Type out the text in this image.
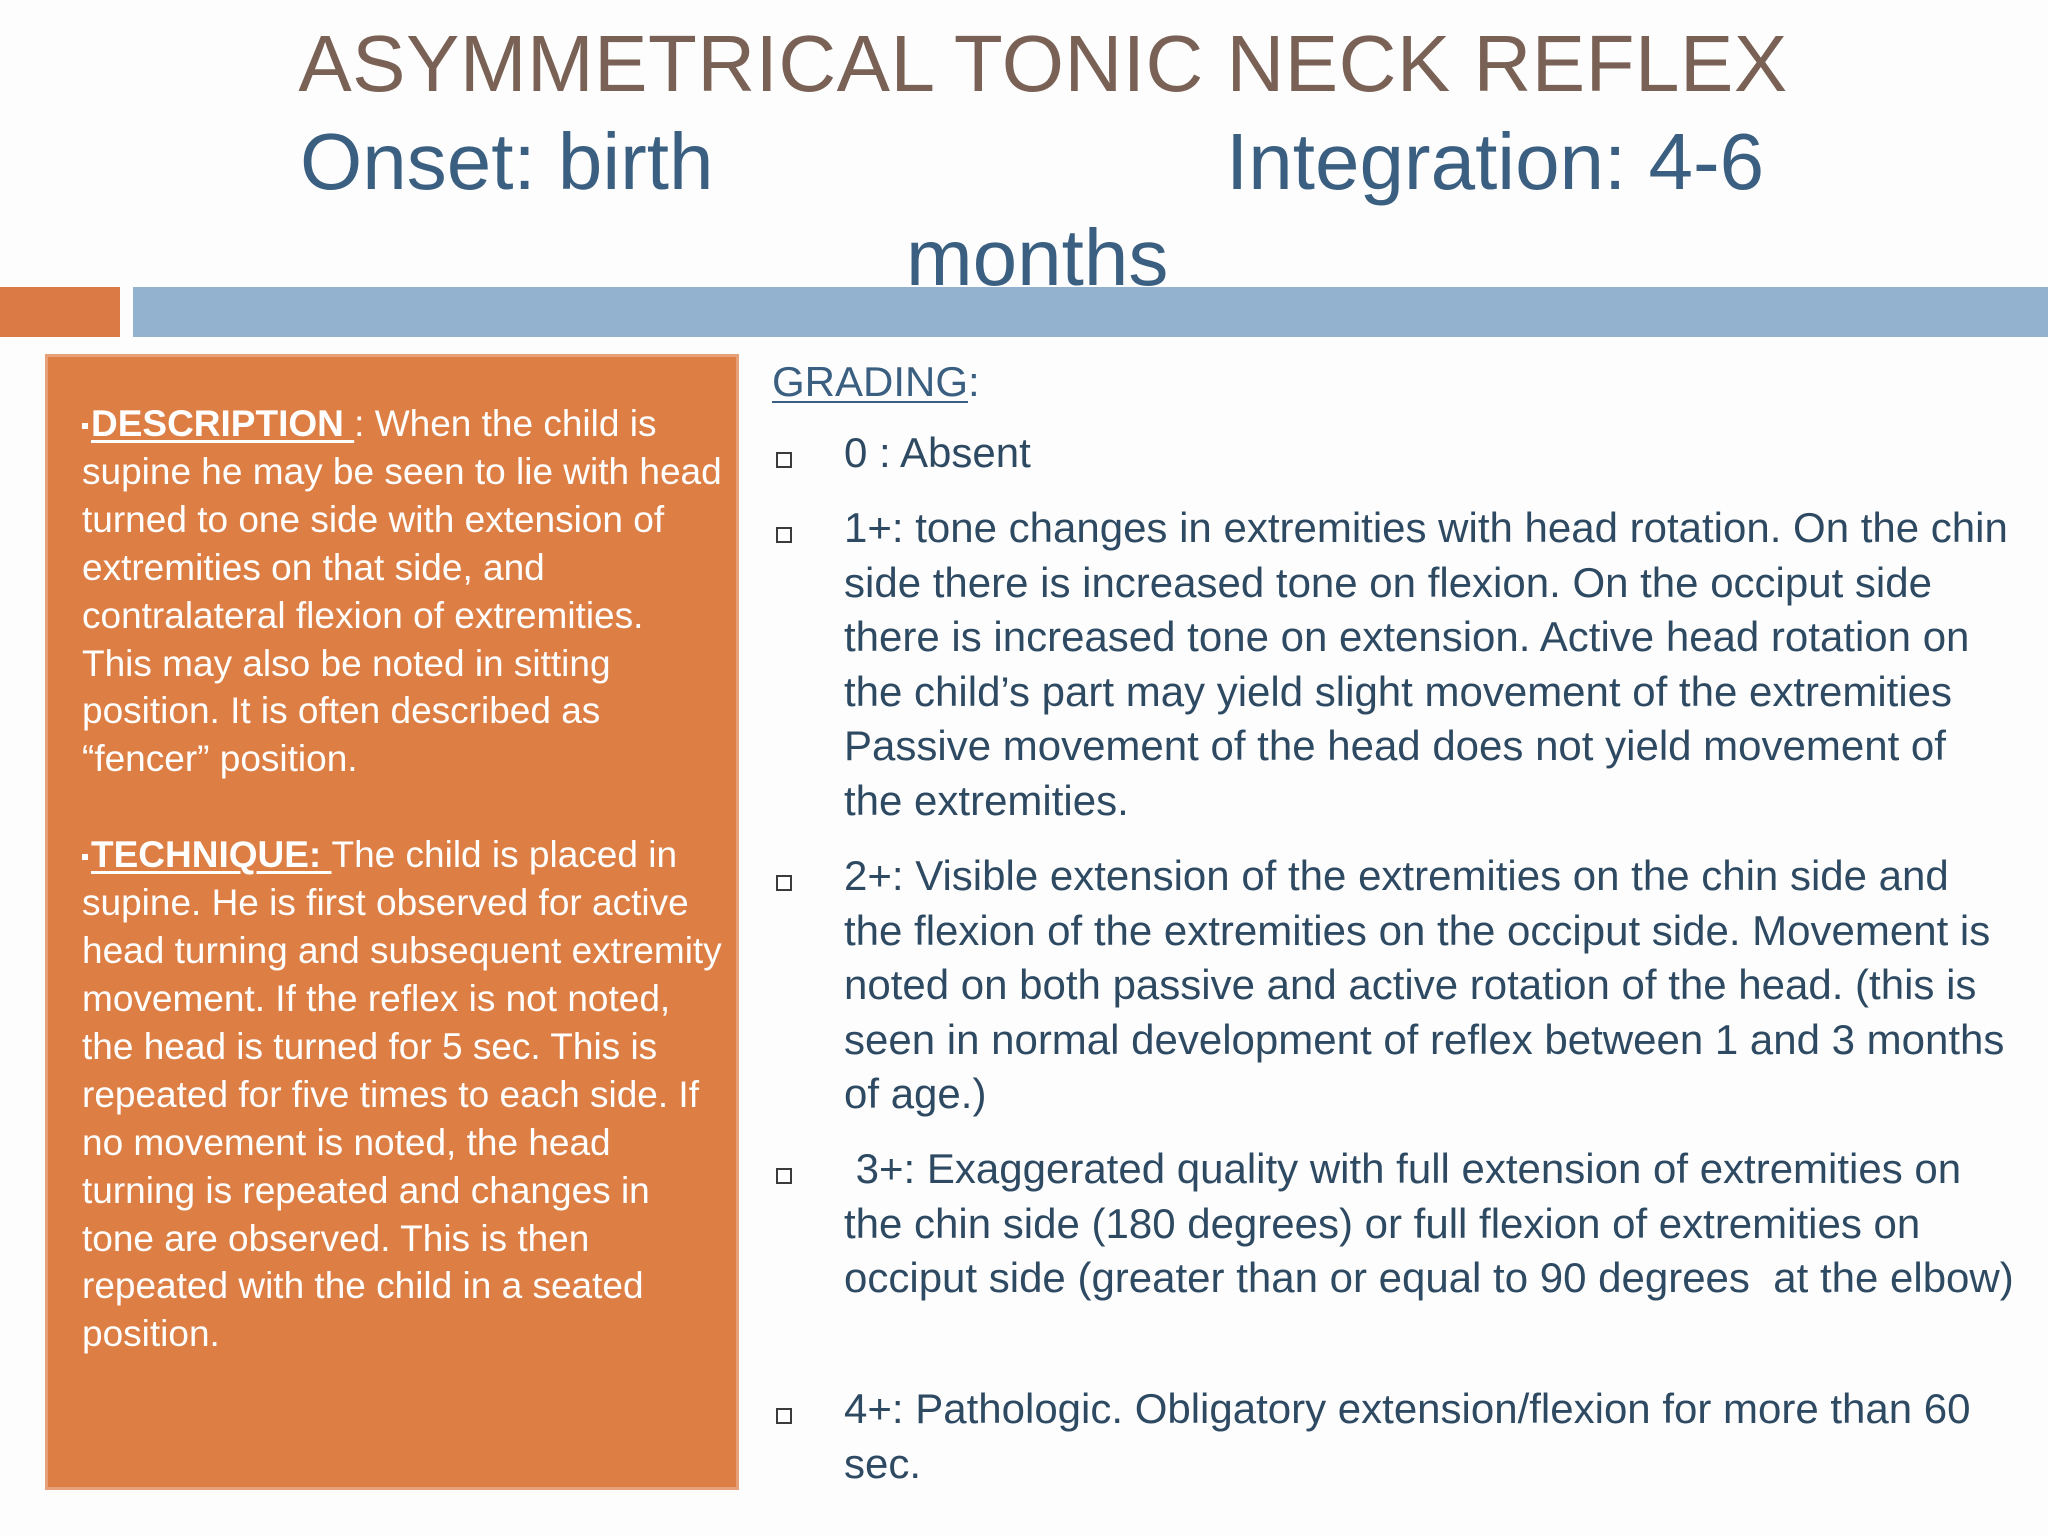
ASYMMETRICAL TONIC NECK REFLEX
Onset: birth	Integration: 4-6
months

DESCRIPTION : When the child is supine he may be seen to lie with head turned to one side with extension of extremities on that side, and contralateral flexion of extremities. This may also be noted in sitting position. It is often described as “fencer” position.

TECHNIQUE: The child is placed in supine. He is first observed for active head turning and subsequent extremity movement. If the reflex is not noted, the head is turned for 5 sec. This is repeated for five times to each side. If no movement is noted, the head turning is repeated and changes in tone are observed. This is then repeated with the child in a seated position.

GRADING:
0 : Absent
1+: tone changes in extremities with head rotation. On the chin side there is increased tone on flexion. On the occiput side there is increased tone on extension. Active head rotation on the child’s part may yield slight movement of the extremities Passive movement of the head does not yield movement of the extremities.
2+: Visible extension of the extremities on the chin side and the flexion of the extremities on the occiput side. Movement is noted on both passive and active rotation of the head. (this is seen in normal development of reflex between 1 and 3 months of age.)
3+: Exaggerated quality with full extension of extremities on the chin side (180 degrees) or full flexion of extremities on occiput side (greater than or equal to 90 degrees  at the elbow)
4+: Pathologic. Obligatory extension/flexion for more than 60 sec.
